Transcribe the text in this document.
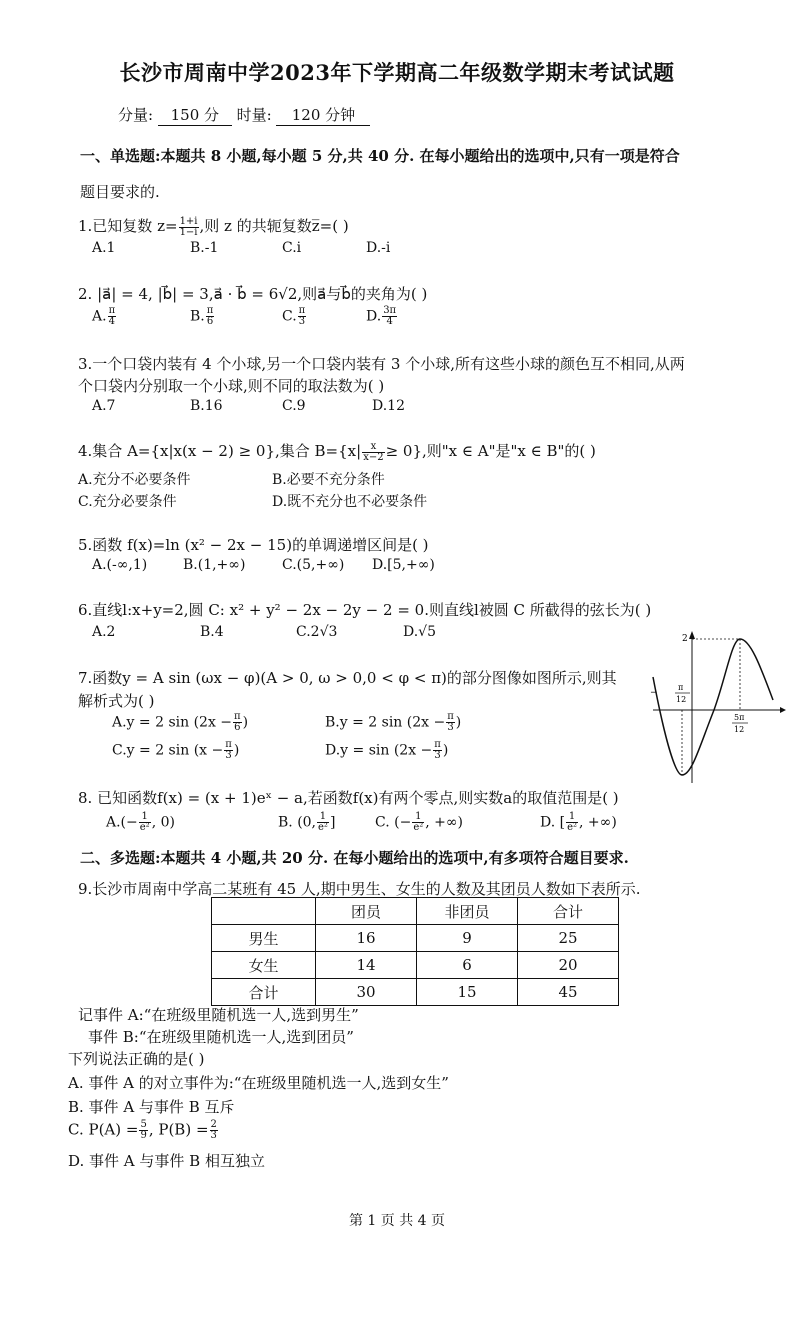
长沙市周南中学2023年下学期高二年级数学期末考试试题
分量: 150 分 时量: 120 分钟
一、单选题:本题共 8 小题,每小题 5 分,共 40 分. 在每小题给出的选项中,只有一项是符合
题目要求的.
1.已知复数 $z= \frac{1+i}{1-i}$ ,则 z 的共轭复数z̅=( )
A.1	B.-1	C.i	D.-i
2. |a⃗| = 4, |b⃗| = 3,a⃗ · b⃗ = 6√2,则a⃗与b⃗的夹角为( )
A. $\frac{\pi}{4}$	B. $\frac{\pi}{6}$	C. $\frac{\pi}{3}$	D. $\frac{3\pi}{4}$
3.一个口袋内装有 4 个小球,另一个口袋内装有 3 个小球,所有这些小球的颜色互不相同,从两
个口袋内分别取一个小球,则不同的取法数为( )
A.7	B.16	C.9	D.12
4.集合 A={x|x(x − 2) ≥ 0},集合 $B=\{x| \frac{x}{x-2} \ge 0\}$,则"x ∈ A"是"x ∈ B"的( )
A.充分不必要条件	B.必要不充分条件
C.充分必要条件	D.既不充分也不必要条件
5.函数 f(x)=ln (x² − 2x − 15)的单调递增区间是( )
A.(-∞,1)	B.(1,+∞)	C.(5,+∞) D.[5,+∞)
6.直线l:x+y=2,圆 C: x² + y² − 2x − 2y − 2 = 0.则直线l被圆 C 所截得的弦长为( )
A.2	B.4	C.2√3	D.√5
7.函数y = A sin (ωx − φ)(A > 0, ω > 0,0 < φ < π)的部分图像如图所示,则其
解析式为( )
A.y = 2 $\sin (2x - \frac{\pi}{6}$ )	B.y = 2 $\sin (2x - \frac{\pi}{3}$ )
C.y = 2 $\sin (x - \frac{\pi}{3}$ )	$D.y = \sin (2x - \frac{\pi}{3}$ )
2
−
π
12
5π
12
8. 已知函数f(x) = (x + 1)eˣ − a,若函数f(x)有两个零点,则实数a的取值范围是( )
$A.(- \frac{1}{\text{e²}}$ , 0)	B. (0, $\frac{1}{\text{e²}}$ ]	C. (− $\frac{1}{\text{e²}}$ , +∞)	D. [ $\frac{1}{\text{e²}}$ , +∞)
二、多选题:本题共 4 小题,共 20 分. 在每小题给出的选项中,有多项符合题目要求.
9.长沙市周南中学高二某班有 45 人,期中男生、女生的人数及其团员人数如下表所示.
	团员	非团员	合计
男生	16	9	25
女生	14	6	20
合计	30	15	45
记事件 A:“在班级里随机选一人,选到男生”
事件 B:“在班级里随机选一人,选到团员”
下列说法正确的是( )
A. 事件 A 的对立事件为:“在班级里随机选一人,选到女生”
B. 事件 A 与事件 B 互斥
C. $P(A) = \frac{5}{9}$ , $P(B) = \frac{2}{3}$
D. 事件 A 与事件 B 相互独立
第 1 页 共 4 页
